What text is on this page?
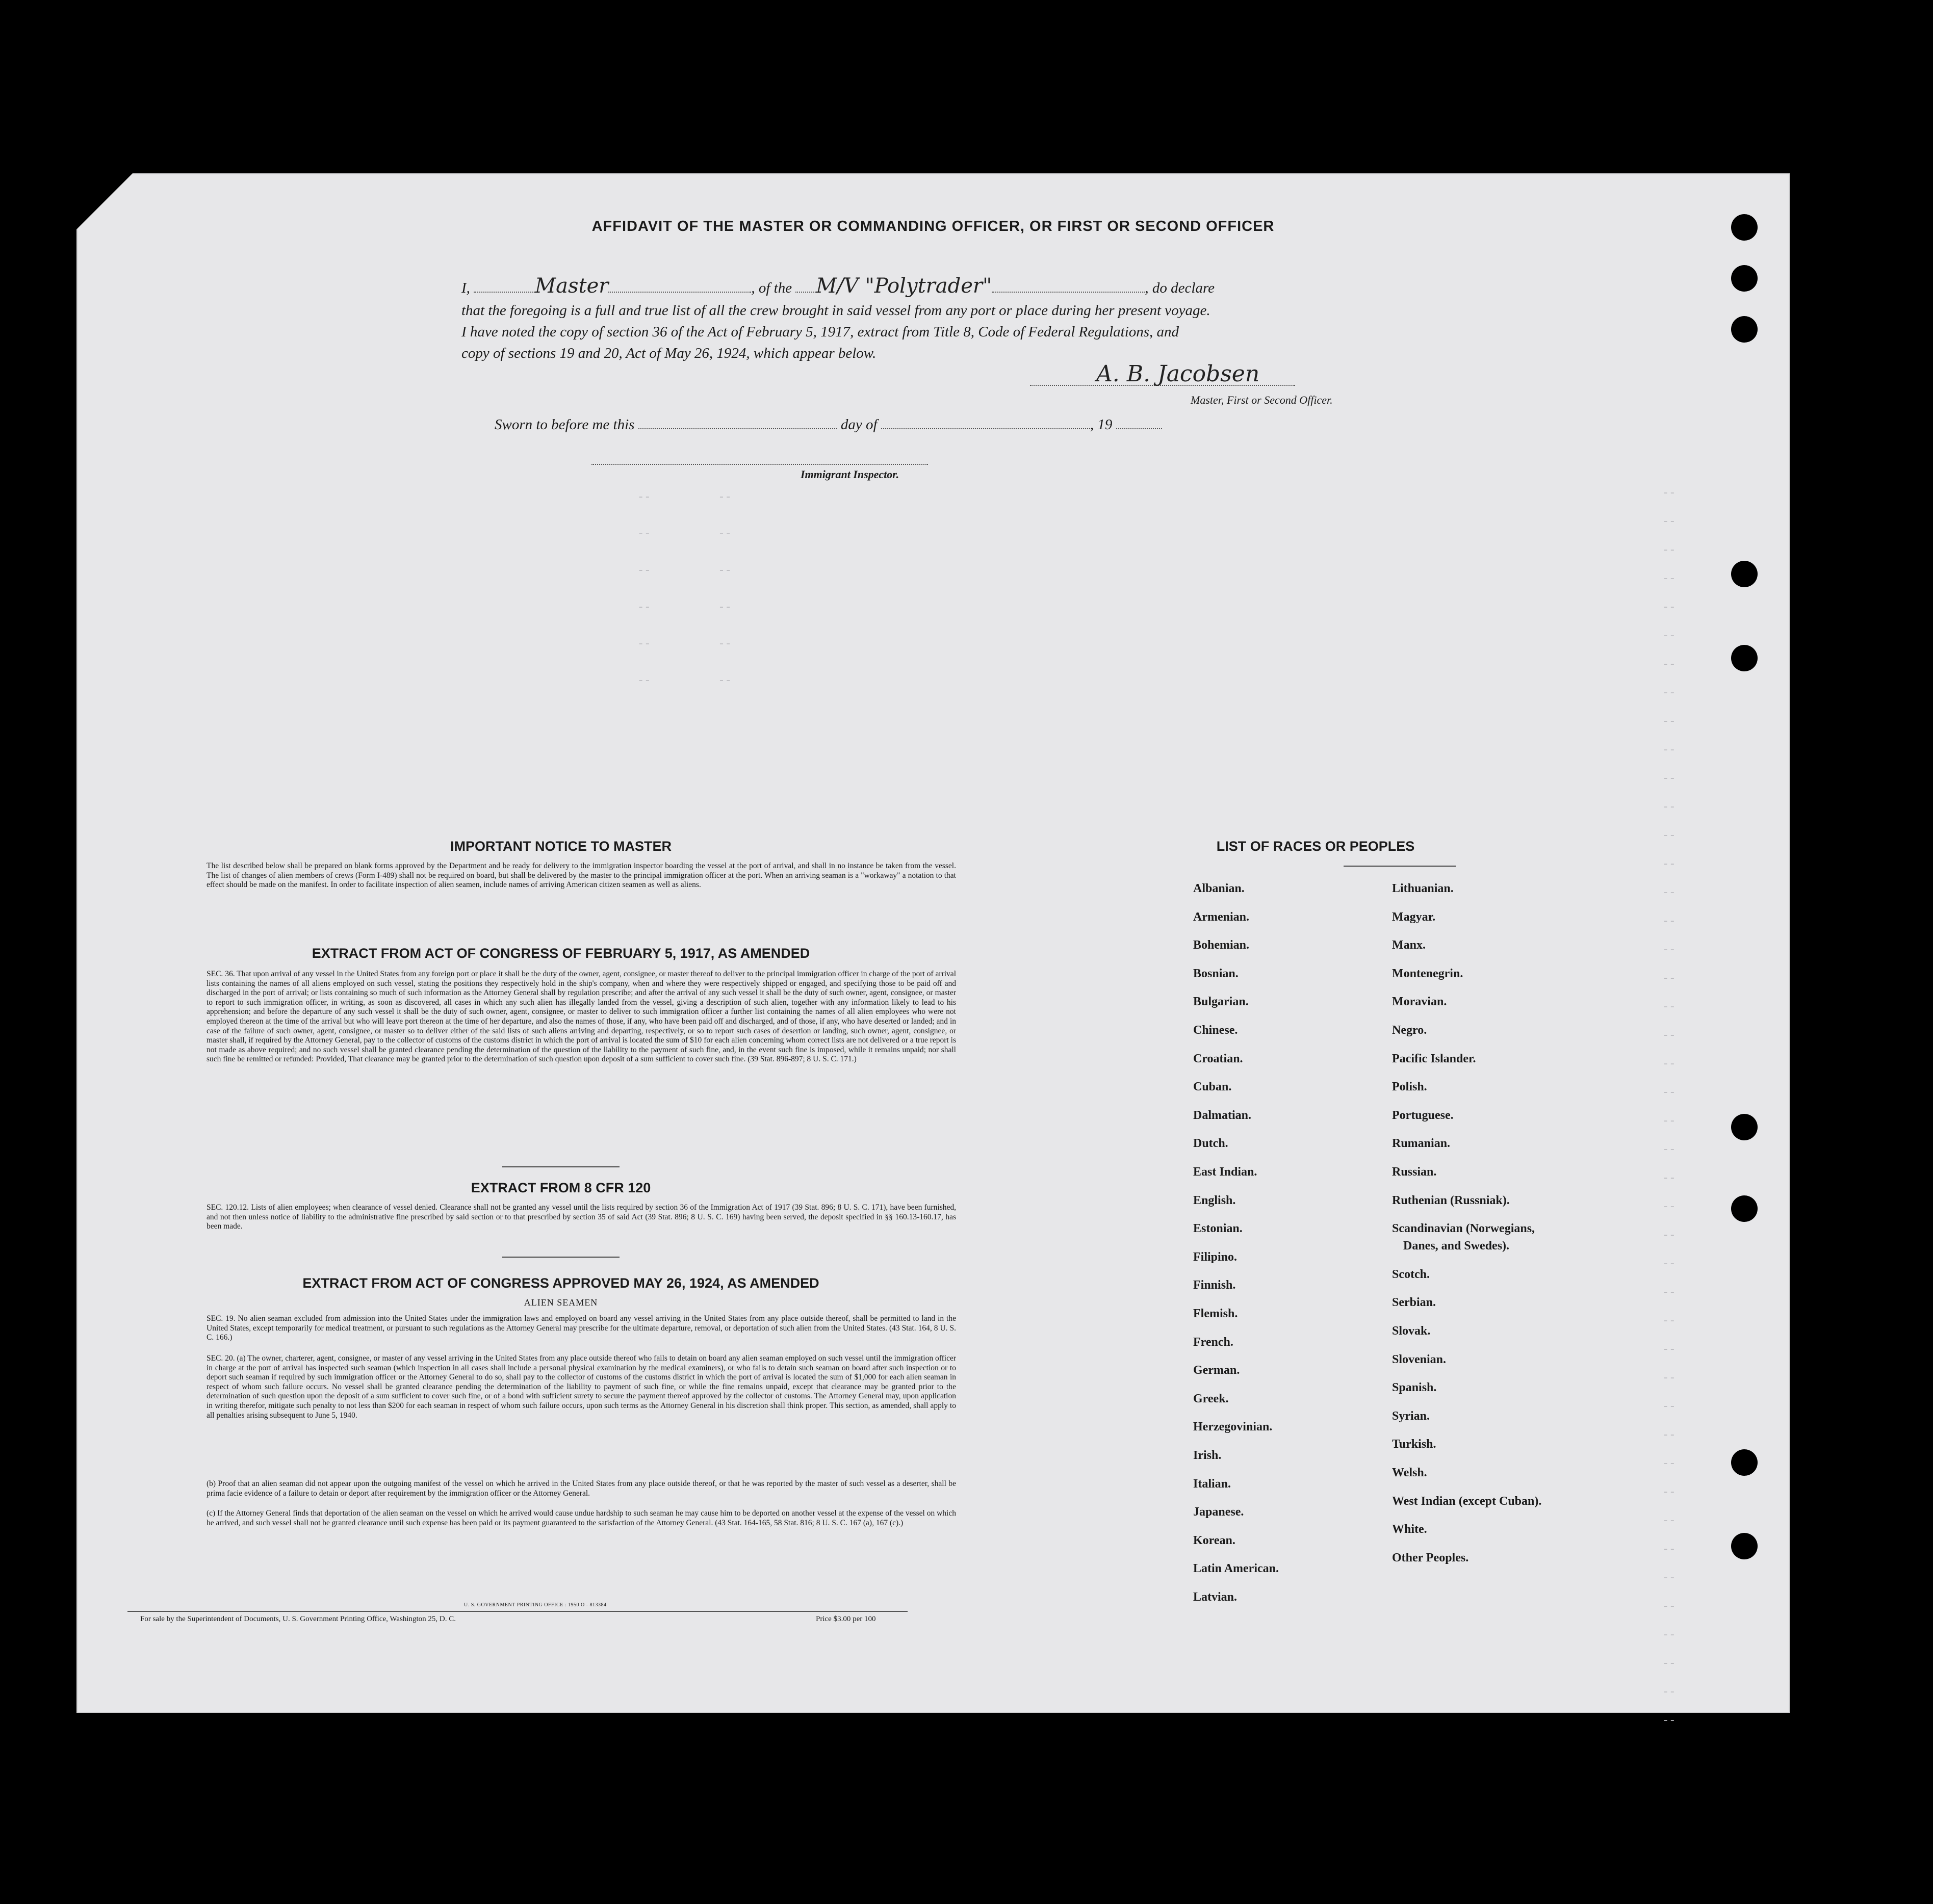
AFFIDAVIT OF THE MASTER OR COMMANDING OFFICER, OR FIRST OR SECOND OFFICER
I,	Master	, of the M/V "Polytrader"	, do declare
that the foregoing is a full and true list of all the crew brought in said vessel from any port or place during her present voyage.
I have noted the copy of section 36 of the Act of February 5, 1917, extract from Title 8, Code of Federal Regulations, and
copy of sections 19 and 20, Act of May 26, 1924, which appear below.
A. B. Jacobsen
Master, First or Second Officer.
Sworn to before me this	day of	, 19
Immigrant Inspector.
--          --
--          --
--          --
--          --
--          --
--          --
--
--
--
--
--
--
--
--
--
--
--
--
--
--
--
--
--
--
--
--
--
--
--
--
--
--
--
--
--
--
--
--
--
--
--
--
--
--
--
--
--
--
--
--
IMPORTANT NOTICE TO MASTER
The list described below shall be prepared on blank forms approved by the Department and be ready for delivery to the immigration inspector boarding the vessel at the port of arrival, and shall in no instance be taken from the vessel. The list of changes of alien members of crews (Form I-489) shall not be required on board, but shall be delivered by the master to the principal immigration officer at the port. When an arriving seaman is a "workaway" a notation to that effect should be made on the manifest. In order to facilitate inspection of alien seamen, include names of arriving American citizen seamen as well as aliens.
EXTRACT FROM ACT OF CONGRESS OF FEBRUARY 5, 1917, AS AMENDED
SEC. 36. That upon arrival of any vessel in the United States from any foreign port or place it shall be the duty of the owner, agent, consignee, or master thereof to deliver to the principal immigration officer in charge of the port of arrival lists containing the names of all aliens employed on such vessel, stating the positions they respectively hold in the ship's company, when and where they were respectively shipped or engaged, and specifying those to be paid off and discharged in the port of arrival; or lists containing so much of such information as the Attorney General shall by regulation prescribe; and after the arrival of any such vessel it shall be the duty of such owner, agent, consignee, or master to report to such immigration officer, in writing, as soon as discovered, all cases in which any such alien has illegally landed from the vessel, giving a description of such alien, together with any information likely to lead to his apprehension; and before the departure of any such vessel it shall be the duty of such owner, agent, consignee, or master to deliver to such immigration officer a further list containing the names of all alien employees who were not employed thereon at the time of the arrival but who will leave port thereon at the time of her departure, and also the names of those, if any, who have been paid off and discharged, and of those, if any, who have deserted or landed; and in case of the failure of such owner, agent, consignee, or master so to deliver either of the said lists of such aliens arriving and departing, respectively, or so to report such cases of desertion or landing, such owner, agent, consignee, or master shall, if required by the Attorney General, pay to the collector of customs of the customs district in which the port of arrival is located the sum of $10 for each alien concerning whom correct lists are not delivered or a true report is not made as above required; and no such vessel shall be granted clearance pending the determination of the question of the liability to the payment of such fine, and, in the event such fine is imposed, while it remains unpaid; nor shall such fine be remitted or refunded: Provided, That clearance may be granted prior to the determination of such question upon deposit of a sum sufficient to cover such fine. (39 Stat. 896-897; 8 U. S. C. 171.)
EXTRACT FROM 8 CFR 120
SEC. 120.12. Lists of alien employees; when clearance of vessel denied. Clearance shall not be granted any vessel until the lists required by section 36 of the Immigration Act of 1917 (39 Stat. 896; 8 U. S. C. 171), have been furnished, and not then unless notice of liability to the administrative fine prescribed by said section or to that prescribed by section 35 of said Act (39 Stat. 896; 8 U. S. C. 169) having been served, the deposit specified in §§ 160.13-160.17, has been made.
EXTRACT FROM ACT OF CONGRESS APPROVED MAY 26, 1924, AS AMENDED
ALIEN SEAMEN
SEC. 19. No alien seaman excluded from admission into the United States under the immigration laws and employed on board any vessel arriving in the United States from any place outside thereof, shall be permitted to land in the United States, except temporarily for medical treatment, or pursuant to such regulations as the Attorney General may prescribe for the ultimate departure, removal, or deportation of such alien from the United States. (43 Stat. 164, 8 U. S. C. 166.)
SEC. 20. (a) The owner, charterer, agent, consignee, or master of any vessel arriving in the United States from any place outside thereof who fails to detain on board any alien seaman employed on such vessel until the immigration officer in charge at the port of arrival has inspected such seaman (which inspection in all cases shall include a personal physical examination by the medical examiners), or who fails to detain such seaman on board after such inspection or to deport such seaman if required by such immigration officer or the Attorney General to do so, shall pay to the collector of customs of the customs district in which the port of arrival is located the sum of $1,000 for each alien seaman in respect of whom such failure occurs. No vessel shall be granted clearance pending the determination of the liability to payment of such fine, or while the fine remains unpaid, except that clearance may be granted prior to the determination of such question upon the deposit of a sum sufficient to cover such fine, or of a bond with sufficient surety to secure the payment thereof approved by the collector of customs. The Attorney General may, upon application in writing therefor, mitigate such penalty to not less than $200 for each seaman in respect of whom such failure occurs, upon such terms as the Attorney General in his discretion shall think proper. This section, as amended, shall apply to all penalties arising subsequent to June 5, 1940.
(b) Proof that an alien seaman did not appear upon the outgoing manifest of the vessel on which he arrived in the United States from any place outside thereof, or that he was reported by the master of such vessel as a deserter, shall be prima facie evidence of a failure to detain or deport after requirement by the immigration officer or the Attorney General.
(c) If the Attorney General finds that deportation of the alien seaman on the vessel on which he arrived would cause undue hardship to such seaman he may cause him to be deported on another vessel at the expense of the vessel on which he arrived, and such vessel shall not be granted clearance until such expense has been paid or its payment guaranteed to the satisfaction of the Attorney General. (43 Stat. 164-165, 58 Stat. 816; 8 U. S. C. 167 (a), 167 (c).)
LIST OF RACES OR PEOPLES
Albanian.
Armenian.
Bohemian.
Bosnian.
Bulgarian.
Chinese.
Croatian.
Cuban.
Dalmatian.
Dutch.
East Indian.
English.
Estonian.
Filipino.
Finnish.
Flemish.
French.
German.
Greek.
Herzegovinian.
Irish.
Italian.
Japanese.
Korean.
Latin American.
Latvian.
Lithuanian.
Magyar.
Manx.
Montenegrin.
Moravian.
Negro.
Pacific Islander.
Polish.
Portuguese.
Rumanian.
Russian.
Ruthenian (Russniak).
Scandinavian (Norwegians,
Danes, and Swedes).
Scotch.
Serbian.
Slovak.
Slovenian.
Spanish.
Syrian.
Turkish.
Welsh.
West Indian (except Cuban).
White.
Other Peoples.
U. S. GOVERNMENT PRINTING OFFICE : 1950 O - 813384
For sale by the Superintendent of Documents, U. S. Government Printing Office, Washington 25, D. C.	Price $3.00 per 100
